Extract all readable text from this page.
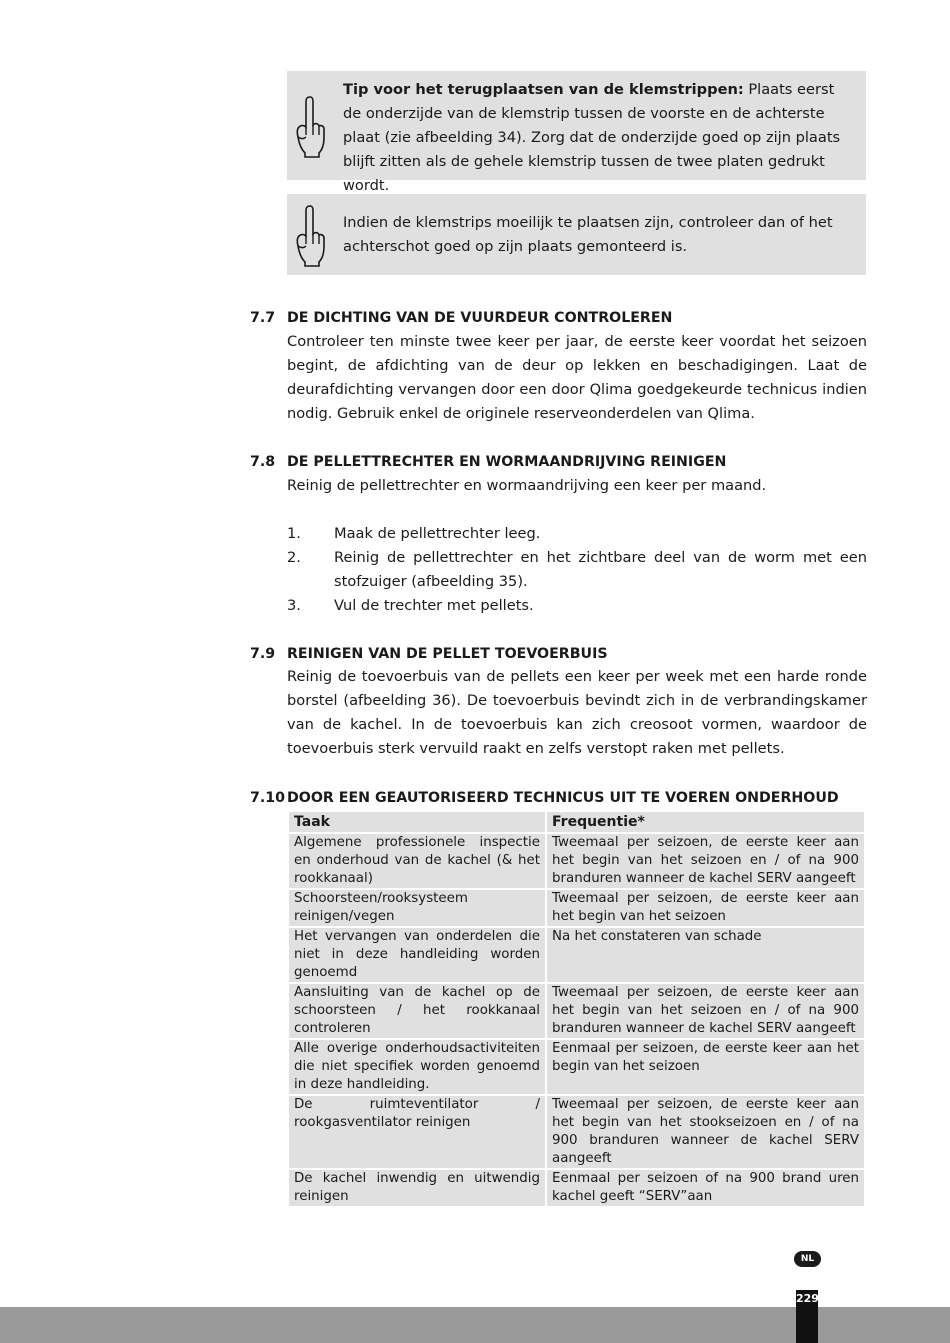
Tip voor het terugplaatsen van de klemstrippen: Plaats eerst de onderzijde van de klemstrip tussen de voorste en de achterste plaat (zie afbeelding 34). Zorg dat de onderzijde goed op zijn plaats blijft zitten als de gehele klemstrip tussen de twee platen gedrukt wordt.
Indien de klemstrips moeilijk te plaatsen zijn, controleer dan of het achterschot goed op zijn plaats gemonteerd is.
7.7 DE DICHTING VAN DE VUURDEUR CONTROLEREN
Controleer ten minste twee keer per jaar, de eerste keer voordat het seizoen begint, de afdichting van de deur op lekken en beschadigingen. Laat de deurafdichting vervangen door een door Qlima goedgekeurde technicus indien nodig. Gebruik enkel de originele reserveonderdelen van Qlima.
7.8 DE PELLETTRECHTER EN WORMAANDRIJVING REINIGEN
Reinig de pellettrechter en wormaandrijving een keer per maand.
1. Maak de pellettrechter leeg.
2. Reinig de pellettrechter en het zichtbare deel van de worm met een stofzuiger (afbeelding 35).
3. Vul de trechter met pellets.
7.9 REINIGEN VAN DE PELLET TOEVOERBUIS
Reinig de toevoerbuis van de pellets een keer per week met een harde ronde borstel (afbeelding 36). De toevoerbuis bevindt zich in de verbrandingskamer van de kachel. In de toevoerbuis kan zich creosoot vormen, waardoor de toevoerbuis sterk vervuild raakt en zelfs verstopt raken met pellets.
7.10 DOOR EEN GEAUTORISEERD TECHNICUS UIT TE VOEREN ONDERHOUD
Taak	Frequentie*
Algemene professionele inspectie en onderhoud van de kachel (& het rookkanaal)	Tweemaal per seizoen, de eerste keer aan het begin van het seizoen en / of na 900 branduren wanneer de kachel SERV aangeeft
Schoorsteen/rooksysteem reinigen/vegen	Tweemaal per seizoen, de eerste keer aan het begin van het seizoen
Het vervangen van onderdelen die niet in deze handleiding worden genoemd	Na het constateren van schade
Aansluiting van de kachel op de schoorsteen / het rookkanaal controleren	Tweemaal per seizoen, de eerste keer aan het begin van het seizoen en / of na 900 branduren wanneer de kachel SERV aangeeft
Alle overige onderhoudsactiviteiten die niet specifiek worden genoemd in deze handleiding.	Eenmaal per seizoen, de eerste keer aan het begin van het seizoen
De ruimteventilator / rookgasventilator reinigen	Tweemaal per seizoen, de eerste keer aan het begin van het stookseizoen en / of na 900 branduren wanneer de kachel SERV aangeeft
De kachel inwendig en uitwendig reinigen	Eenmaal per seizoen of na 900 brand uren kachel geeft “SERV”aan
NL
229
